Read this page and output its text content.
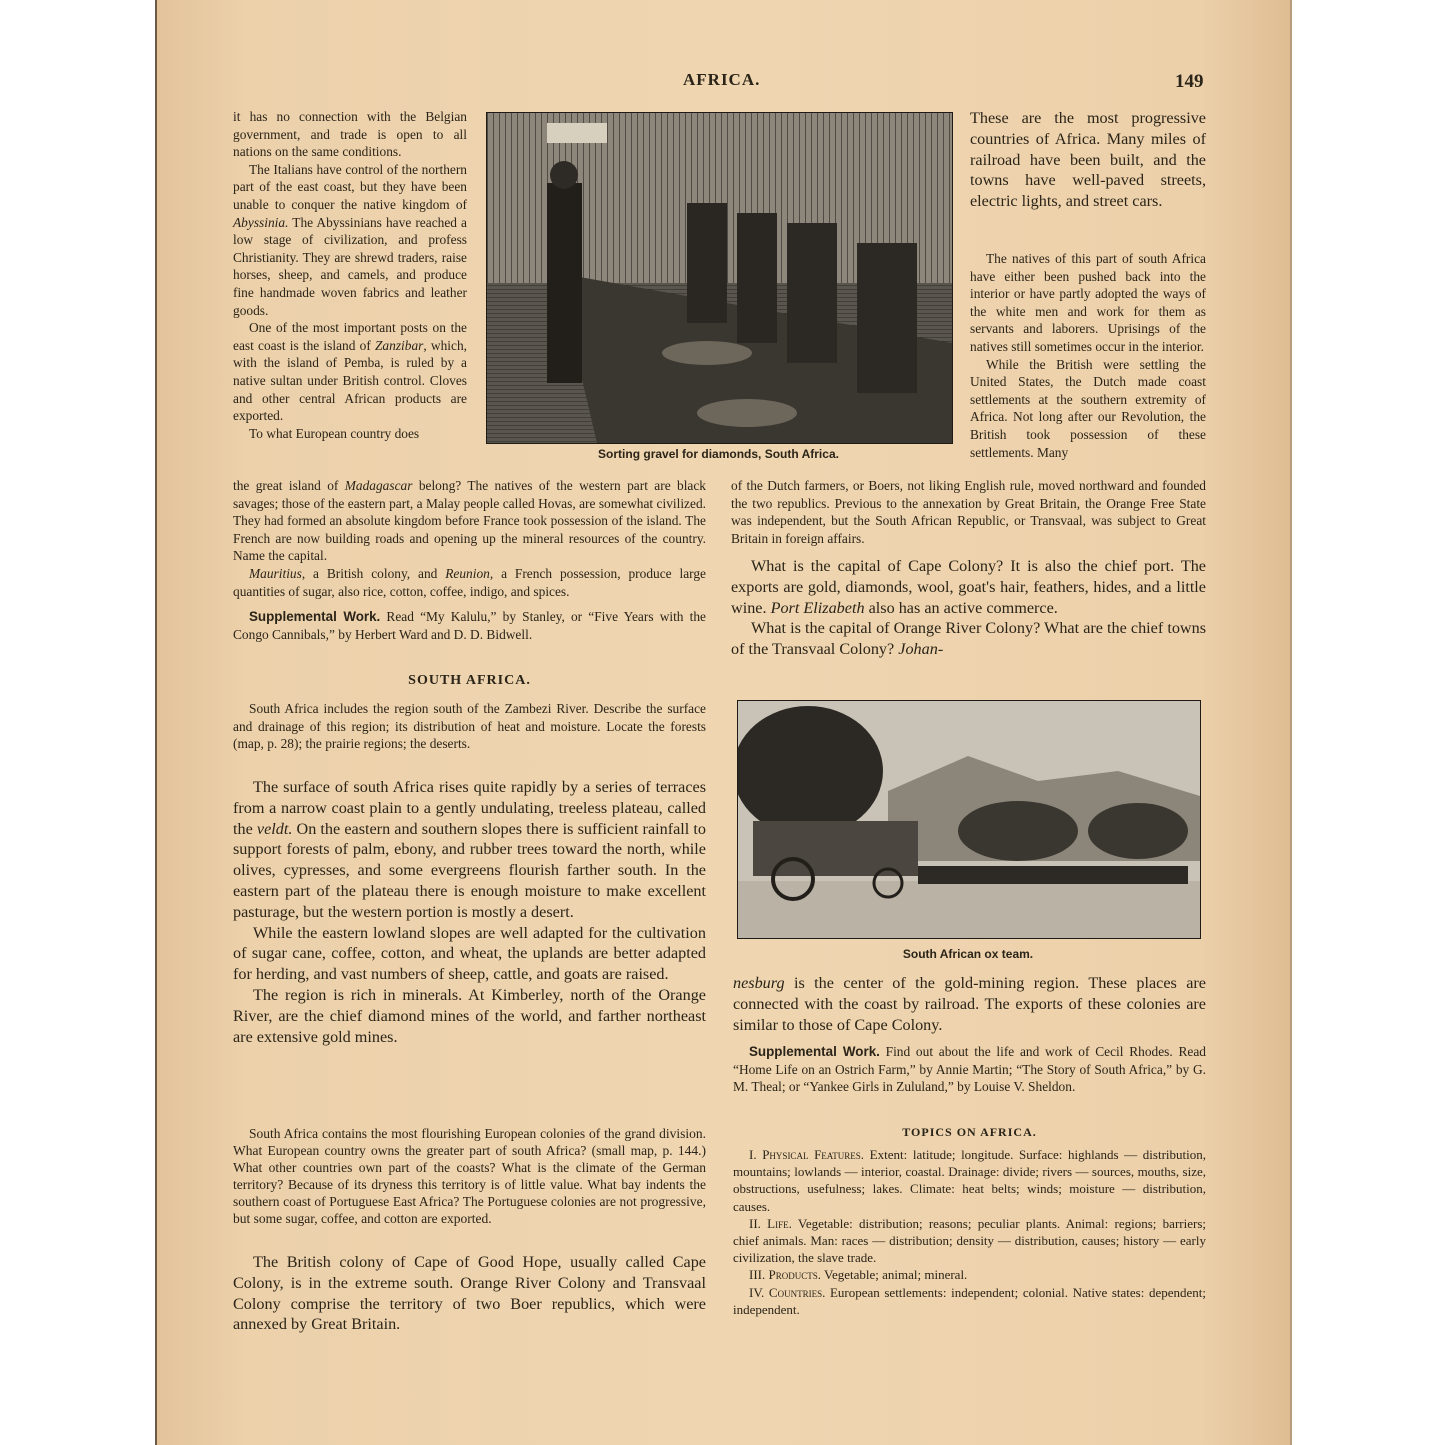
AFRICA.	149

it has no connection with the Belgian government, and trade is open to all nations on the same conditions.

The Italians have control of the northern part of the east coast, but they have been unable to conquer the native kingdom of Abyssinia. The Abyssinians have reached a low stage of civilization, and profess Christianity. They are shrewd traders, raise horses, sheep, and camels, and produce fine handmade woven fabrics and leather goods.

One of the most important posts on the east coast is the island of Zanzibar, which, with the island of Pemba, is ruled by a native sultan under British control. Cloves and other central African products are exported.

To what European country does

Sorting gravel for diamonds, South Africa.

These are the most progressive countries of Africa. Many miles of railroad have been built, and the towns have well-paved streets, electric lights, and street cars.

The natives of this part of south Africa have either been pushed back into the interior or have partly adopted the ways of the white men and work for them as servants and laborers. Uprisings of the natives still sometimes occur in the interior.

While the British were settling the United States, the Dutch made coast settlements at the southern extremity of Africa. Not long after our Revolution, the British took possession of these settlements. Many

the great island of Madagascar belong? The natives of the western part are black savages; those of the eastern part, a Malay people called Hovas, are somewhat civilized. They had formed an absolute kingdom before France took possession of the island. The French are now building roads and opening up the mineral resources of the country. Name the capital.

Mauritius, a British colony, and Reunion, a French possession, produce large quantities of sugar, also rice, cotton, coffee, indigo, and spices.

Supplemental Work. Read “My Kalulu,” by Stanley, or “Five Years with the Congo Cannibals,” by Herbert Ward and D. D. Bidwell.

of the Dutch farmers, or Boers, not liking English rule, moved northward and founded the two republics. Previous to the annexation by Great Britain, the Orange Free State was independent, but the South African Republic, or Transvaal, was subject to Great Britain in foreign affairs.

What is the capital of Cape Colony? It is also the chief port. The exports are gold, diamonds, wool, goat's hair, feathers, hides, and a little wine. Port Elizabeth also has an active commerce.

What is the capital of Orange River Colony? What are the chief towns of the Transvaal Colony? Johan-

SOUTH AFRICA.

South Africa includes the region south of the Zambezi River. Describe the surface and drainage of this region; its distribution of heat and moisture. Locate the forests (map, p. 28); the prairie regions; the deserts.

The surface of south Africa rises quite rapidly by a series of terraces from a narrow coast plain to a gently undulating, treeless plateau, called the veldt. On the eastern and southern slopes there is sufficient rainfall to support forests of palm, ebony, and rubber trees toward the north, while olives, cypresses, and some evergreens flourish farther south. In the eastern part of the plateau there is enough moisture to make excellent pasturage, but the western portion is mostly a desert.

While the eastern lowland slopes are well adapted for the cultivation of sugar cane, coffee, cotton, and wheat, the uplands are better adapted for herding, and vast numbers of sheep, cattle, and goats are raised.

The region is rich in minerals. At Kimberley, north of the Orange River, are the chief diamond mines of the world, and farther northeast are extensive gold mines.

South Africa contains the most flourishing European colonies of the grand division. What European country owns the greater part of south Africa? (small map, p. 144.) What other countries own part of the coasts? What is the climate of the German territory? Because of its dryness this territory is of little value. What bay indents the southern coast of Portuguese East Africa? The Portuguese colonies are not progressive, but some sugar, coffee, and cotton are exported.

The British colony of Cape of Good Hope, usually called Cape Colony, is in the extreme south. Orange River Colony and Transvaal Colony comprise the territory of two Boer republics, which were annexed by Great Britain.

South African ox team.

nesburg is the center of the gold-mining region. These places are connected with the coast by railroad. The exports of these colonies are similar to those of Cape Colony.

Supplemental Work. Find out about the life and work of Cecil Rhodes. Read “Home Life on an Ostrich Farm,” by Annie Martin; “The Story of South Africa,” by G. M. Theal; or “Yankee Girls in Zululand,” by Louise V. Sheldon.

TOPICS ON AFRICA.

I. Physical Features. Extent: latitude; longitude. Surface: highlands — distribution, mountains; lowlands — interior, coastal. Drainage: divide; rivers — sources, mouths, size, obstructions, usefulness; lakes. Climate: heat belts; winds; moisture — distribution, causes.

II. Life. Vegetable: distribution; reasons; peculiar plants. Animal: regions; barriers; chief animals. Man: races — distribution; density — distribution, causes; history — early civilization, the slave trade.

III. Products. Vegetable; animal; mineral.

IV. Countries. European settlements: independent; colonial. Native states: dependent; independent.
